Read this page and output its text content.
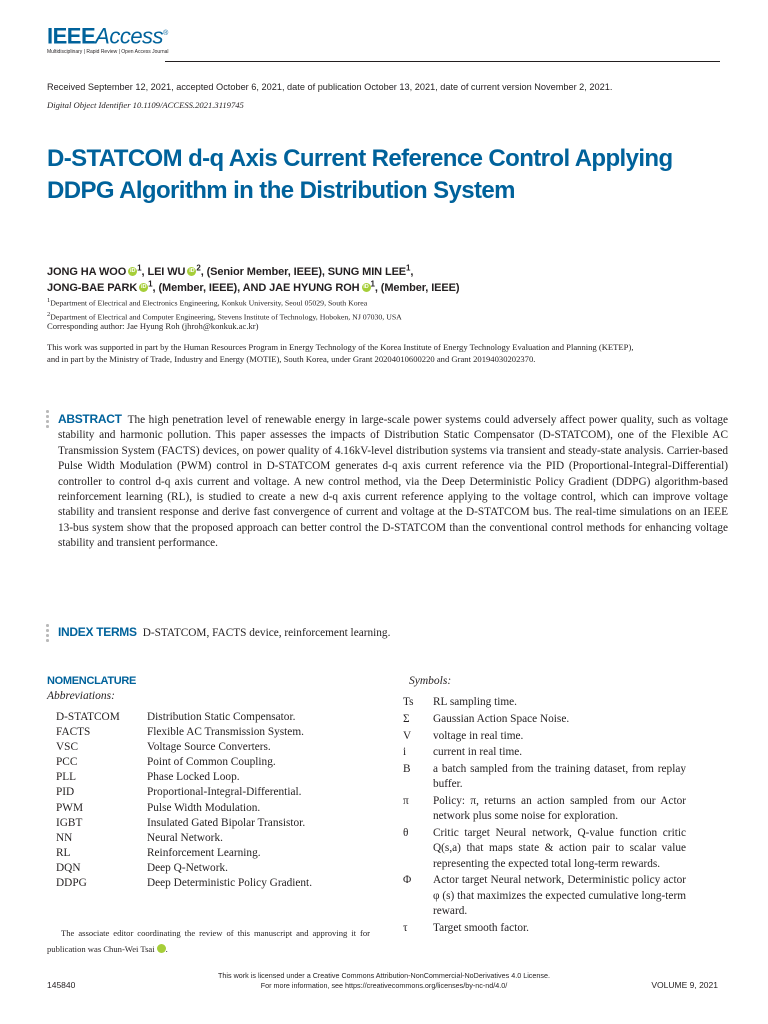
IEEEAccess®
Multidisciplinary | Rapid Review | Open Access Journal
Received September 12, 2021, accepted October 6, 2021, date of publication October 13, 2021, date of current version November 2, 2021.
Digital Object Identifier 10.1109/ACCESS.2021.3119745
D-STATCOM d-q Axis Current Reference Control Applying DDPG Algorithm in the Distribution System
JONG HA WOO iD $^1$, LEI WU iD $^2$, (Senior Member, IEEE), SUNG MIN LEE$^1$,
JONG-BAE PARK iD $^1$, (Member, IEEE), AND JAE HYUNG ROH iD $^1$, (Member, IEEE)
$^1$Department of Electrical and Electronics Engineering, Konkuk University, Seoul 05029, South Korea
$^2$Department of Electrical and Computer Engineering, Stevens Institute of Technology, Hoboken, NJ 07030, USA
Corresponding author: Jae Hyung Roh (jhroh@konkuk.ac.kr)
This work was supported in part by the Human Resources Program in Energy Technology of the Korea Institute of Energy Technology Evaluation and Planning (KETEP), and in part by the Ministry of Trade, Industry and Energy (MOTIE), South Korea, under Grant 20204010600220 and Grant 20194030202370.
ABSTRACT The high penetration level of renewable energy in large-scale power systems could adversely affect power quality, such as voltage stability and harmonic pollution. This paper assesses the impacts of Distribution Static Compensator (D-STATCOM), one of the Flexible AC Transmission System (FACTS) devices, on power quality of 4.16kV-level distribution systems via transient and steady-state analysis. Carrier-based Pulse Width Modulation (PWM) control in D-STATCOM generates d-q axis current reference via the PID (Proportional-Integral-Differential) controller to control d-q axis current and voltage. A new control method, via the Deep Deterministic Policy Gradient (DDPG) algorithm-based reinforcement learning (RL), is studied to create a new d-q axis current reference applying to the voltage control, which can improve voltage stability and transient response and derive fast convergence of current and voltage at the D-STATCOM bus. The real-time simulations on an IEEE 13-bus system show that the proposed approach can better control the D-STATCOM than the conventional control methods for enhancing voltage stability and transient performance.
INDEX TERMS D-STATCOM, FACTS device, reinforcement learning.
NOMENCLATURE
Abbreviations:
D-STATCOM	Distribution Static Compensator.
FACTS	Flexible AC Transmission System.
VSC	Voltage Source Converters.
PCC	Point of Common Coupling.
PLL	Phase Locked Loop.
PID	Proportional-Integral-Differential.
PWM	Pulse Width Modulation.
IGBT	Insulated Gated Bipolar Transistor.
NN	Neural Network.
RL	Reinforcement Learning.
DQN	Deep Q-Network.
DDPG	Deep Deterministic Policy Gradient.
The associate editor coordinating the review of this manuscript and approving it for publication was Chun-Wei Tsai	iD.
Symbols:
Ts	RL sampling time.
Σ	Gaussian Action Space Noise.
V	voltage in real time.
i	current in real time.
B	a batch sampled from the training dataset, from replay buffer.
π	Policy: π, returns an action sampled from our Actor network plus some noise for exploration.
θ	Critic target Neural network, Q-value function critic Q(s,a) that maps state & action pair to scalar value representing the expected total long-term rewards.
Φ	Actor target Neural network, Deterministic policy actor φ (s) that maximizes the expected cumulative long-term reward.
τ	Target smooth factor.
This work is licensed under a Creative Commons Attribution-NonCommercial-NoDerivatives 4.0 License.
For more information, see https://creativecommons.org/licenses/by-nc-nd/4.0/
145840	VOLUME 9, 2021
